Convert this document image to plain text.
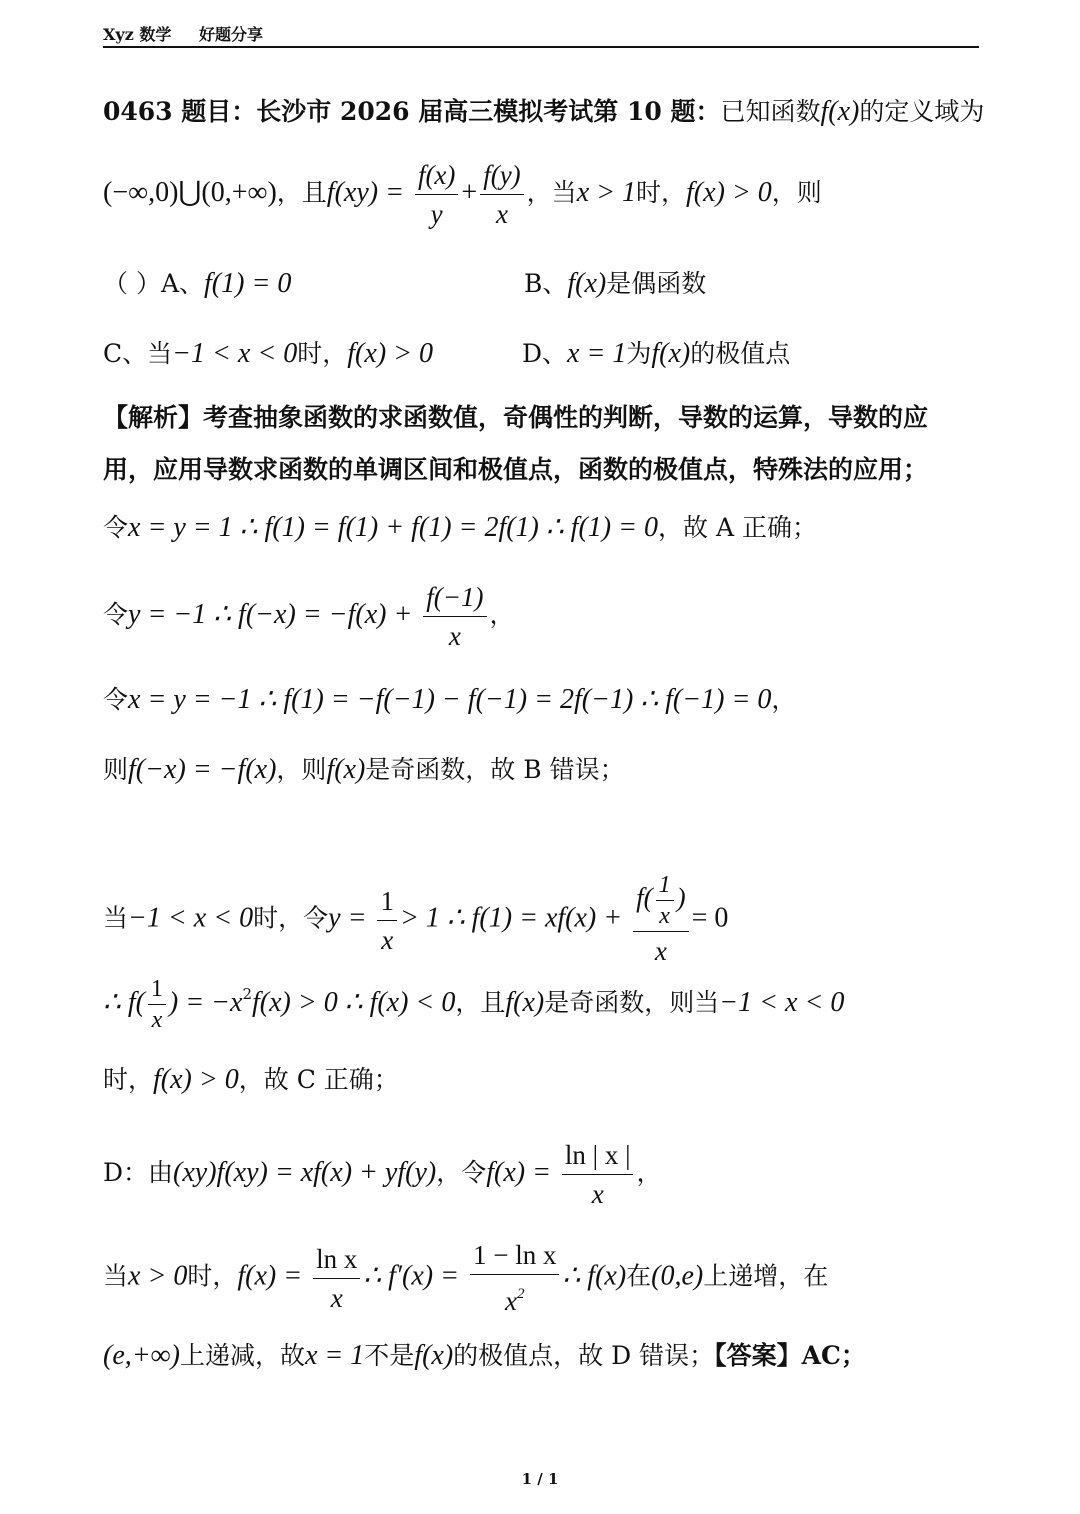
Xyz 数学 好题分享
0463 题目：长沙市 2026 届高三模拟考试第 10 题：已知函数f(x)的定义域为
(−∞,0)⋃(0,+∞)，且$f(xy) = \frac{f(x)}{y} + \frac{f(y)}{x}$ ，当x > 1时，f(x) > 0，则
（ ）A、f(1) = 0	B、f(x)是偶函数
C、当−1 < x < 0时，f(x) > 0	D、x = 1为f(x)的极值点
【解析】考查抽象函数的求函数值，奇偶性的判断，导数的运算，导数的应
用，应用导数求函数的单调区间和极值点，函数的极值点，特殊法的应用；
令x = y = 1 ∴ f(1) = f(1) + f(1) = 2f(1) ∴ f(1) = 0，故 A 正确；
令y = −1 ∴ $f(-x) = -f(x) + \frac{f(-1)}{x}$ ，
令x = y = −1 ∴ f(1) = −f(−1) − f(−1) = 2f(−1) ∴ f(−1) = 0，
则f(−x) = −f(x)，则f(x)是奇函数，故 B 错误；
当−1 < x < 0时，令$y = \frac{1}{x} > 1$ ∴ $f(1) = xf(x) + \frac{f( \frac{1}{x} )}{x} = 0$
∴ $f( \frac{1}{x}$ ) = $-x^2f(x) > 0$ ∴ f(x) < 0，且f(x)是奇函数，则当−1 < x < 0
时，f(x) > 0，故 C 正确；
D：由(xy)f(xy) = xf(x) + yf(y)，令$f(x) = \frac{\ln | x |}{x}$ ，
当x > 0时，$f(x) = \frac{\text{ln x}}{x}$ ∴ $f'(x) = \frac{\text{1 − ln x}}{x^2}$ ∴ f(x)在(0,e)上递增，在
(e,+∞)上递减，故x = 1不是f(x)的极值点，故 D 错误；【答案】AC；
1 / 1
